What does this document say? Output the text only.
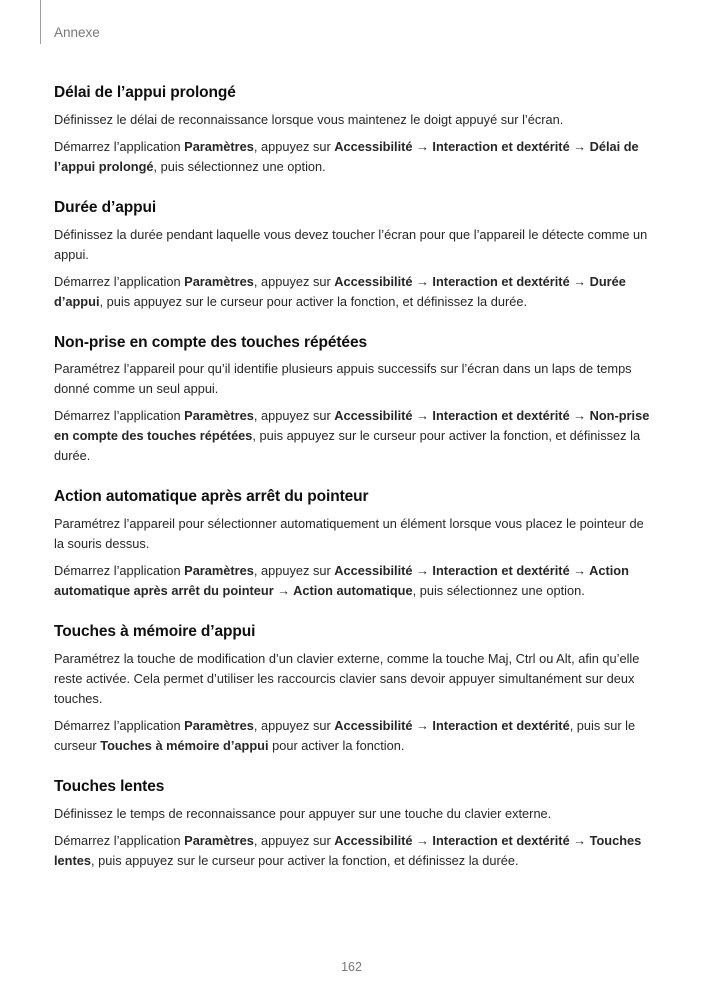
Annexe
Délai de l’appui prolongé

Définissez le délai de reconnaissance lorsque vous maintenez le doigt appuyé sur l’écran.

Démarrez l’application Paramètres, appuyez sur Accessibilité → Interaction et dextérité → Délai de l’appui prolongé, puis sélectionnez une option.

Durée d’appui

Définissez la durée pendant laquelle vous devez toucher l’écran pour que l’appareil le détecte comme un appui.

Démarrez l’application Paramètres, appuyez sur Accessibilité → Interaction et dextérité → Durée d’appui, puis appuyez sur le curseur pour activer la fonction, et définissez la durée.

Non-prise en compte des touches répétées

Paramétrez l’appareil pour qu’il identifie plusieurs appuis successifs sur l’écran dans un laps de temps donné comme un seul appui.

Démarrez l’application Paramètres, appuyez sur Accessibilité → Interaction et dextérité → Non-prise en compte des touches répétées, puis appuyez sur le curseur pour activer la fonction, et définissez la durée.

Action automatique après arrêt du pointeur

Paramétrez l’appareil pour sélectionner automatiquement un élément lorsque vous placez le pointeur de la souris dessus.

Démarrez l’application Paramètres, appuyez sur Accessibilité → Interaction et dextérité → Action automatique après arrêt du pointeur → Action automatique, puis sélectionnez une option.

Touches à mémoire d’appui

Paramétrez la touche de modification d’un clavier externe, comme la touche Maj, Ctrl ou Alt, afin qu’elle reste activée. Cela permet d’utiliser les raccourcis clavier sans devoir appuyer simultanément sur deux touches.

Démarrez l’application Paramètres, appuyez sur Accessibilité → Interaction et dextérité, puis sur le curseur Touches à mémoire d’appui pour activer la fonction.

Touches lentes

Définissez le temps de reconnaissance pour appuyer sur une touche du clavier externe.

Démarrez l’application Paramètres, appuyez sur Accessibilité → Interaction et dextérité → Touches lentes, puis appuyez sur le curseur pour activer la fonction, et définissez la durée.

162
